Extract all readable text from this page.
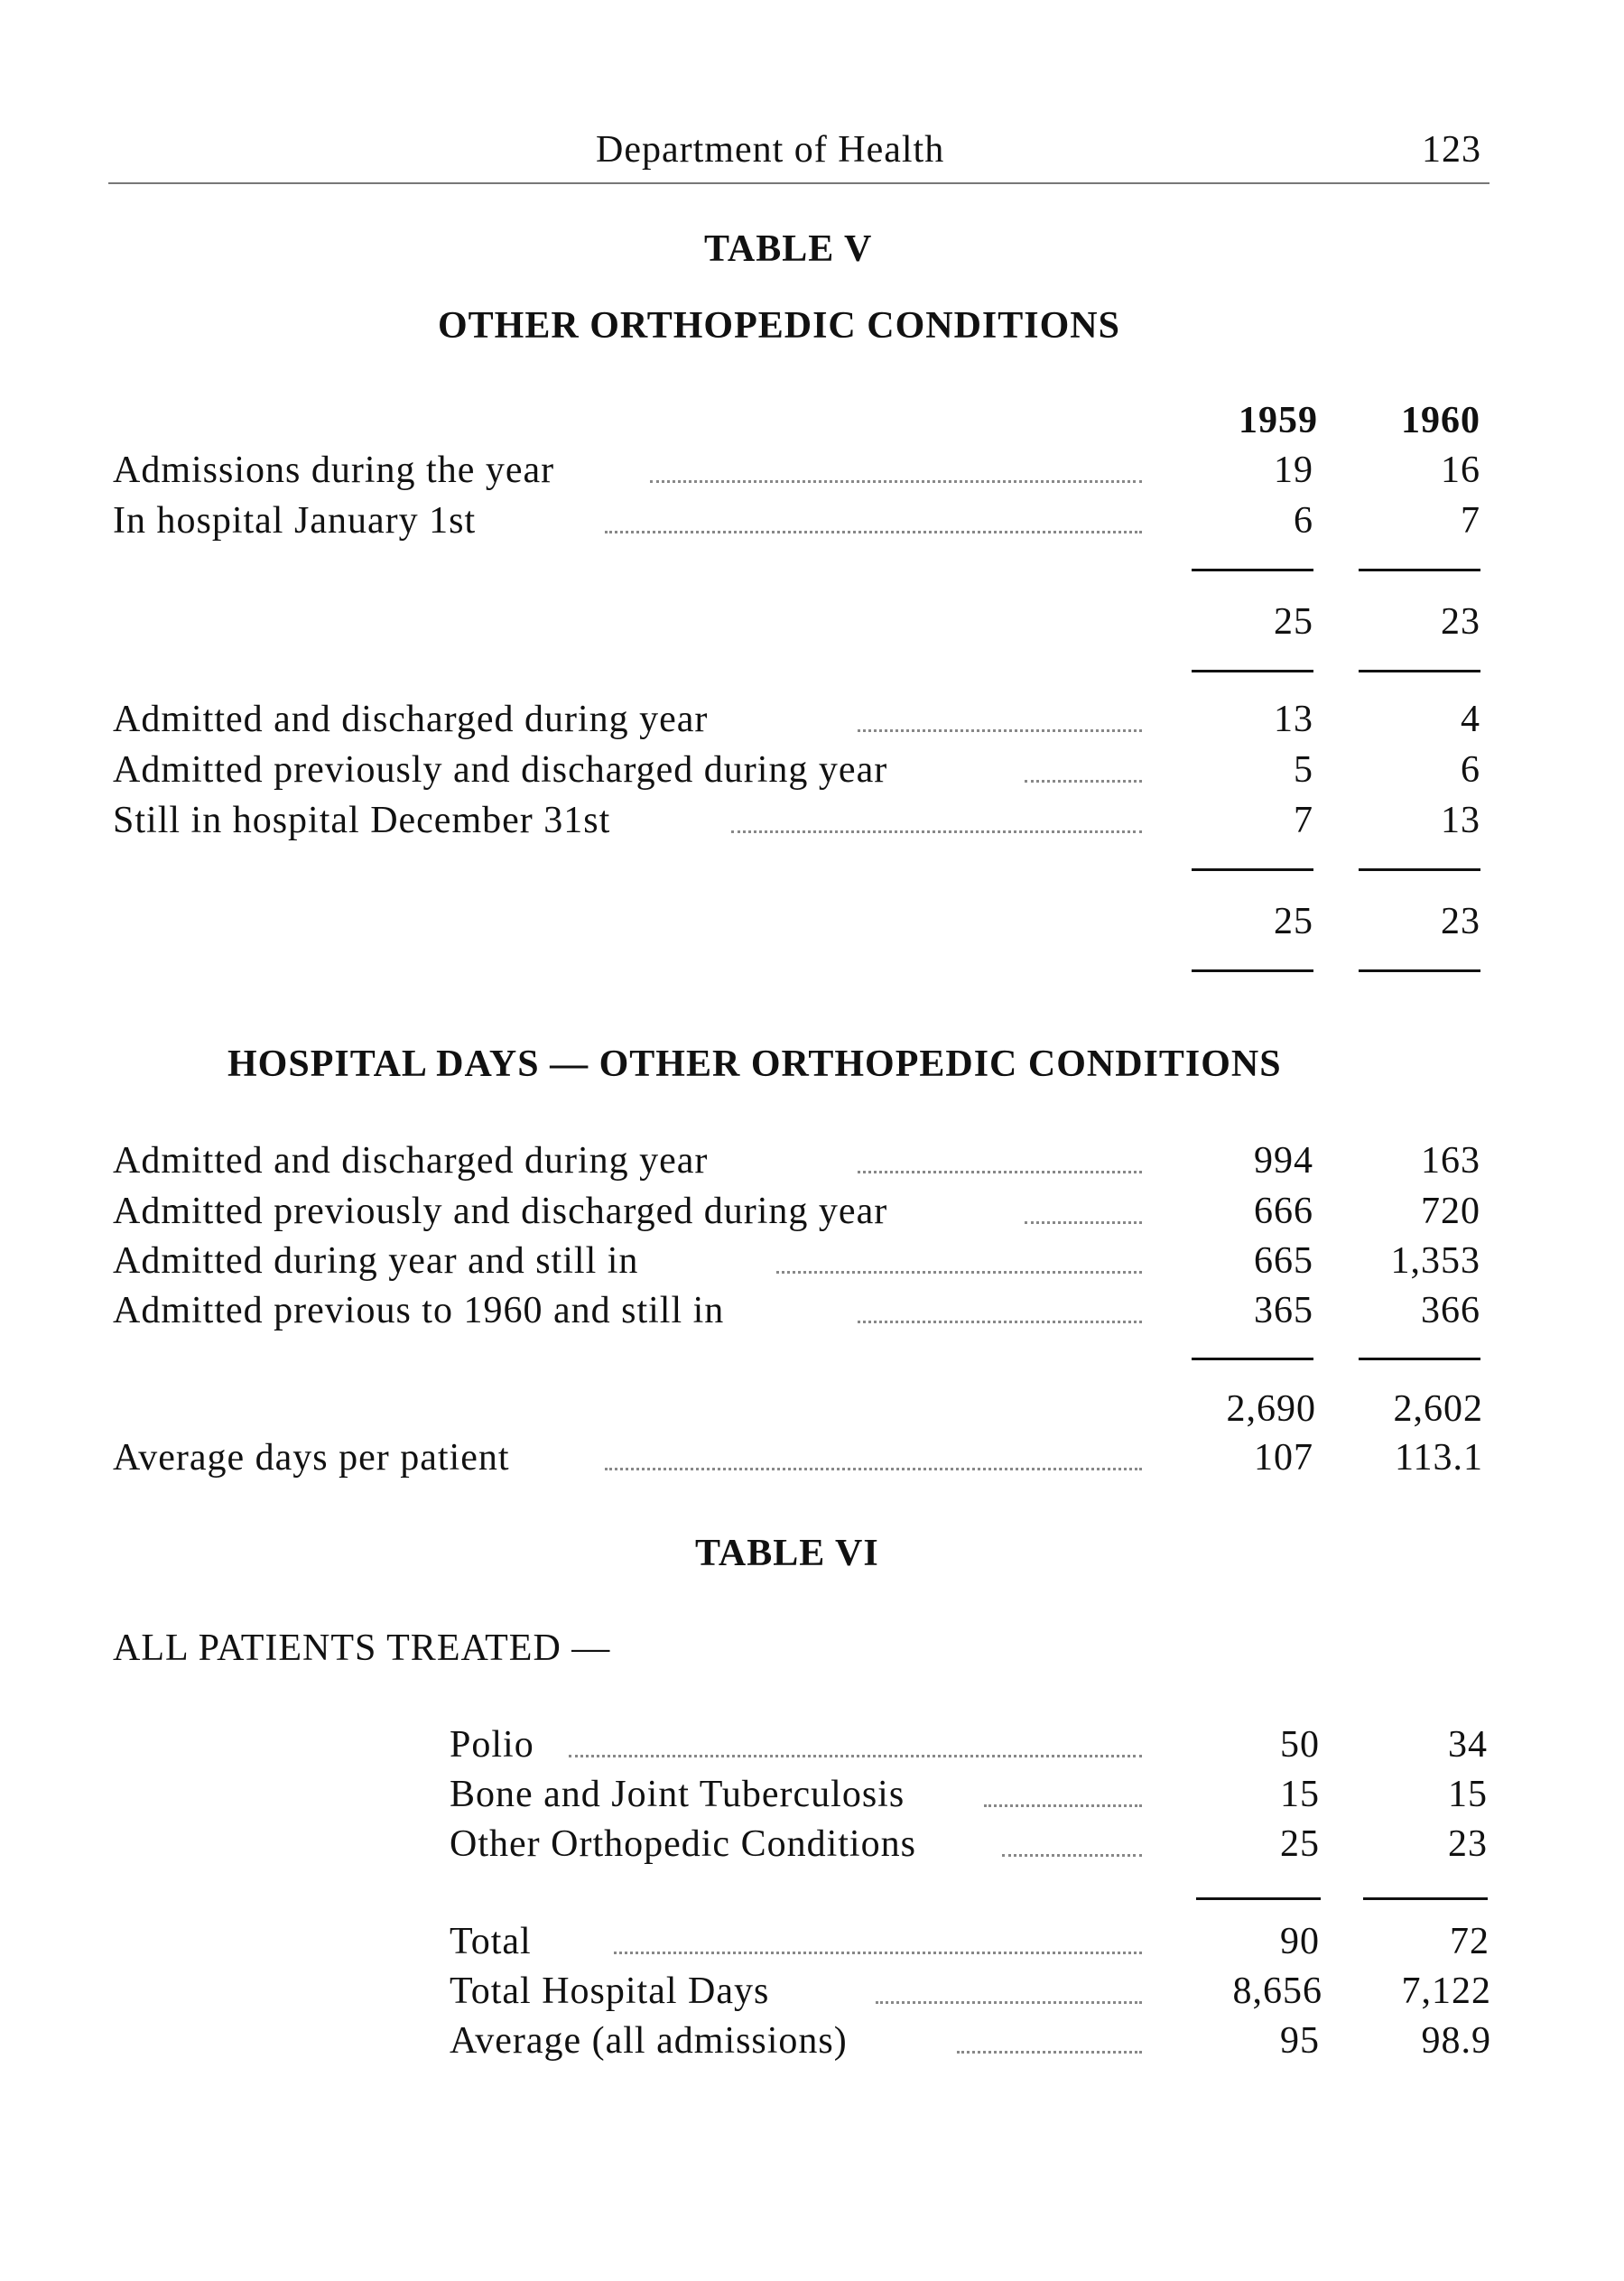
Department of Health	123
TABLE V
OTHER ORTHOPEDIC CONDITIONS
1959	1960
Admissions during the year	19	16
In hospital January 1st	6	7
25	23
Admitted and discharged during year	13	4
Admitted previously and discharged during year	5	6
Still in hospital December 31st	7	13
25	23
HOSPITAL DAYS — OTHER ORTHOPEDIC CONDITIONS
Admitted and discharged during year	994	163
Admitted previously and discharged during year	666	720
Admitted during year and still in	665	1,353
Admitted previous to 1960 and still in	365	366
2,690	2,602
Average days per patient	107	113.1
TABLE VI
ALL PATIENTS TREATED —
Polio	50	34
Bone and Joint Tuberculosis	15	15
Other Orthopedic Conditions	25	23
Total	90	72
Total Hospital Days	8,656	7,122
Average (all admissions)	95	98.9
